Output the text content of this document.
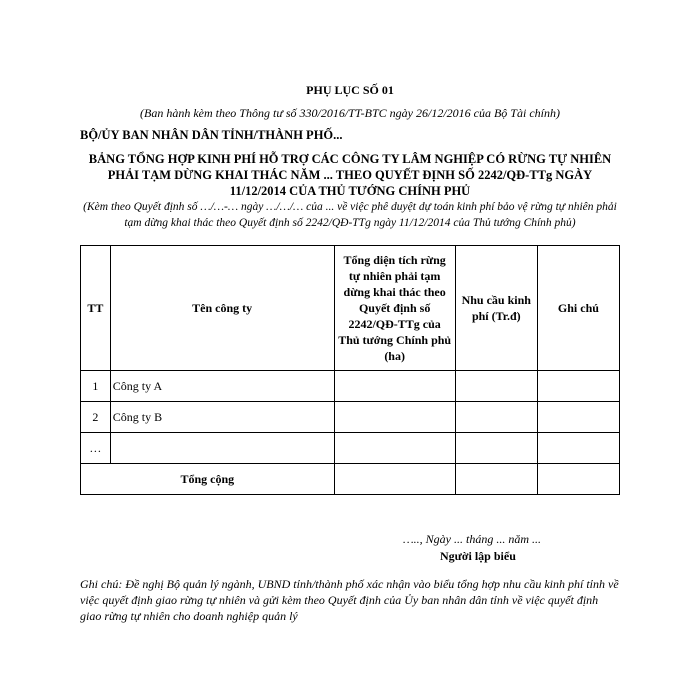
PHỤ LỤC SỐ 01
(Ban hành kèm theo Thông tư số 330/2016/TT-BTC ngày 26/12/2016 của Bộ Tài chính)
BỘ/ỦY BAN NHÂN DÂN TỈNH/THÀNH PHỐ...
BẢNG TỔNG HỢP KINH PHÍ HỖ TRỢ CÁC CÔNG TY LÂM NGHIỆP CÓ RỪNG TỰ NHIÊN PHẢI TẠM DỪNG KHAI THÁC NĂM ... THEO QUYẾT ĐỊNH SỐ 2242/QĐ-TTg NGÀY 11/12/2014 CỦA THỦ TƯỚNG CHÍNH PHỦ
(Kèm theo Quyết định số …/…-… ngày …/…/… của ... về việc phê duyệt dự toán kinh phí bảo vệ rừng tự nhiên phải tạm dừng khai thác theo Quyết định số 2242/QĐ-TTg ngày 11/12/2014 của Thủ tướng Chính phủ)
TT	Tên công ty	Tổng diện tích rừng tự nhiên phải tạm dừng khai thác theo Quyết định số 2242/QĐ-TTg của Thủ tướng Chính phủ (ha)	Nhu cầu kinh phí (Tr.đ)	Ghi chú
1	Công ty A			
2	Công ty B			
…				
Tổng cộng				
….., Ngày ... tháng ... năm ...
Người lập biểu
Ghi chú: Đề nghị Bộ quản lý ngành, UBND tỉnh/thành phố xác nhận vào biểu tổng hợp nhu cầu kinh phí tỉnh về việc quyết định giao rừng tự nhiên và gửi kèm theo Quyết định của Ủy ban nhân dân tỉnh về việc quyết định giao rừng tự nhiên cho doanh nghiệp quản lý
